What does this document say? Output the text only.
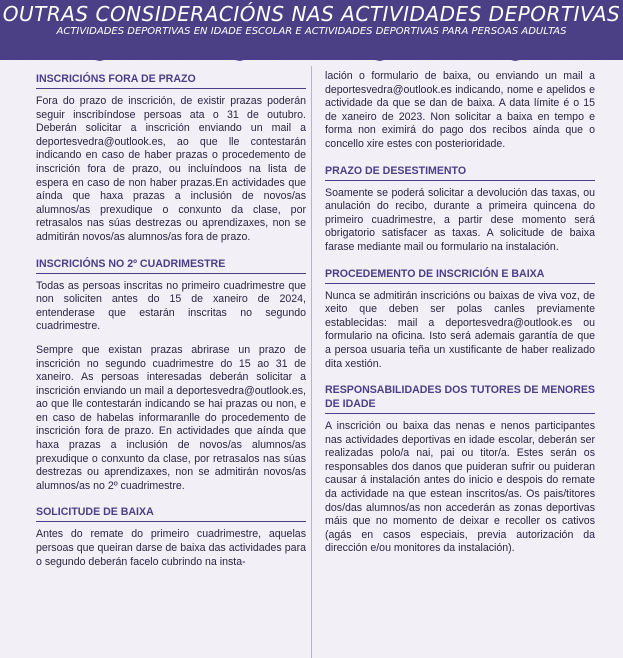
OUTRAS CONSIDERACIÓNS NAS ACTIVIDADES DEPORTIVAS
ACTIVIDADES DEPORTIVAS EN IDADE ESCOLAR E ACTIVIDADES DEPORTIVAS PARA PERSOAS ADULTAS
INSCRICIÓNS FORA DE PRAZO

Fora do prazo de inscrición, de existir prazas poderán seguir inscribíndose persoas ata o 31 de outubro. Deberán solicitar a inscrición enviando un mail a deportesvedra@outlook.es, ao que lle contestarán indicando en caso de haber prazas o procedemento de inscrición fora de prazo, ou incluíndoos na lista de espera en caso de non haber prazas.En actividades que aínda que haxa prazas a inclusión de novos/as alumnos/as prexudique o conxunto da clase, por retrasalos nas súas destrezas ou aprendizaxes, non se admitirán novos/as alumnos/as fora de prazo.

INSCRICIÓNS NO 2º CUADRIMESTRE

Todas as persoas inscritas no primeiro cuadrimestre que non soliciten antes do 15 de xaneiro de 2024, entenderase que estarán inscritas no segundo cuadrimestre.

Sempre que existan prazas abrirase un prazo de inscrición no segundo cuadrimestre do 15 ao 31 de xaneiro. As persoas interesadas deberán solicitar a inscrición enviando un mail a deportesvedra@outlook.es, ao que lle contestarán indicando se hai prazas ou non, e en caso de habelas informaranlle do procedemento de inscrición fora de prazo. En actividades que aínda que haxa prazas a inclusión de novos/as alumnos/as prexudique o conxunto da clase, por retrasalos nas súas destrezas ou aprendizaxes, non se admitirán novos/as alumnos/as no 2º cuadrimestre.

SOLICITUDE DE BAIXA

Antes do remate do primeiro cuadrimestre, aquelas persoas que queiran darse de baixa das actividades para o segundo deberán facelo cubrindo na insta-

lación o formulario de baixa, ou enviando un mail a deportesvedra@outlook.es indicando, nome e apelidos e actividade da que se dan de baixa. A data límite é o 15 de xaneiro de 2023. Non solicitar a baixa en tempo e forma non eximirá do pago dos recibos aínda que o concello xire estes con posterioridade.

PRAZO DE DESESTIMENTO

Soamente se poderá solicitar a devolución das taxas, ou anulación do recibo, durante a primeira quincena do primeiro cuadrimestre, a partir dese momento será obrigatorio satisfacer as taxas. A solicitude de baixa farase mediante mail ou formulario na instalación.

PROCEDEMENTO DE INSCRICIÓN E BAIXA

Nunca se admitirán inscricións ou baixas de viva voz, de xeito que deben ser polas canles previamente establecidas: mail a deportesvedra@outlook.es ou formulario na oficina. Isto será ademais garantía de que a persoa usuaria teña un xustificante de haber realizado dita xestión.

RESPONSABILIDADES DOS TUTORES DE MENORES DE IDADE

A inscrición ou baixa das nenas e nenos participantes nas actividades deportivas en idade escolar, deberán ser realizadas polo/a nai, pai ou titor/a. Estes serán os responsables dos danos que puideran sufrir ou puideran causar á instalación antes do inicio e despois do remate da actividade na que estean inscritos/as. Os pais/titores dos/das alumnos/as non accederán as zonas deportivas máis que no momento de deixar e recoller os cativos (agás en casos especiais, previa autorización da dirección e/ou monitores da instalación).
